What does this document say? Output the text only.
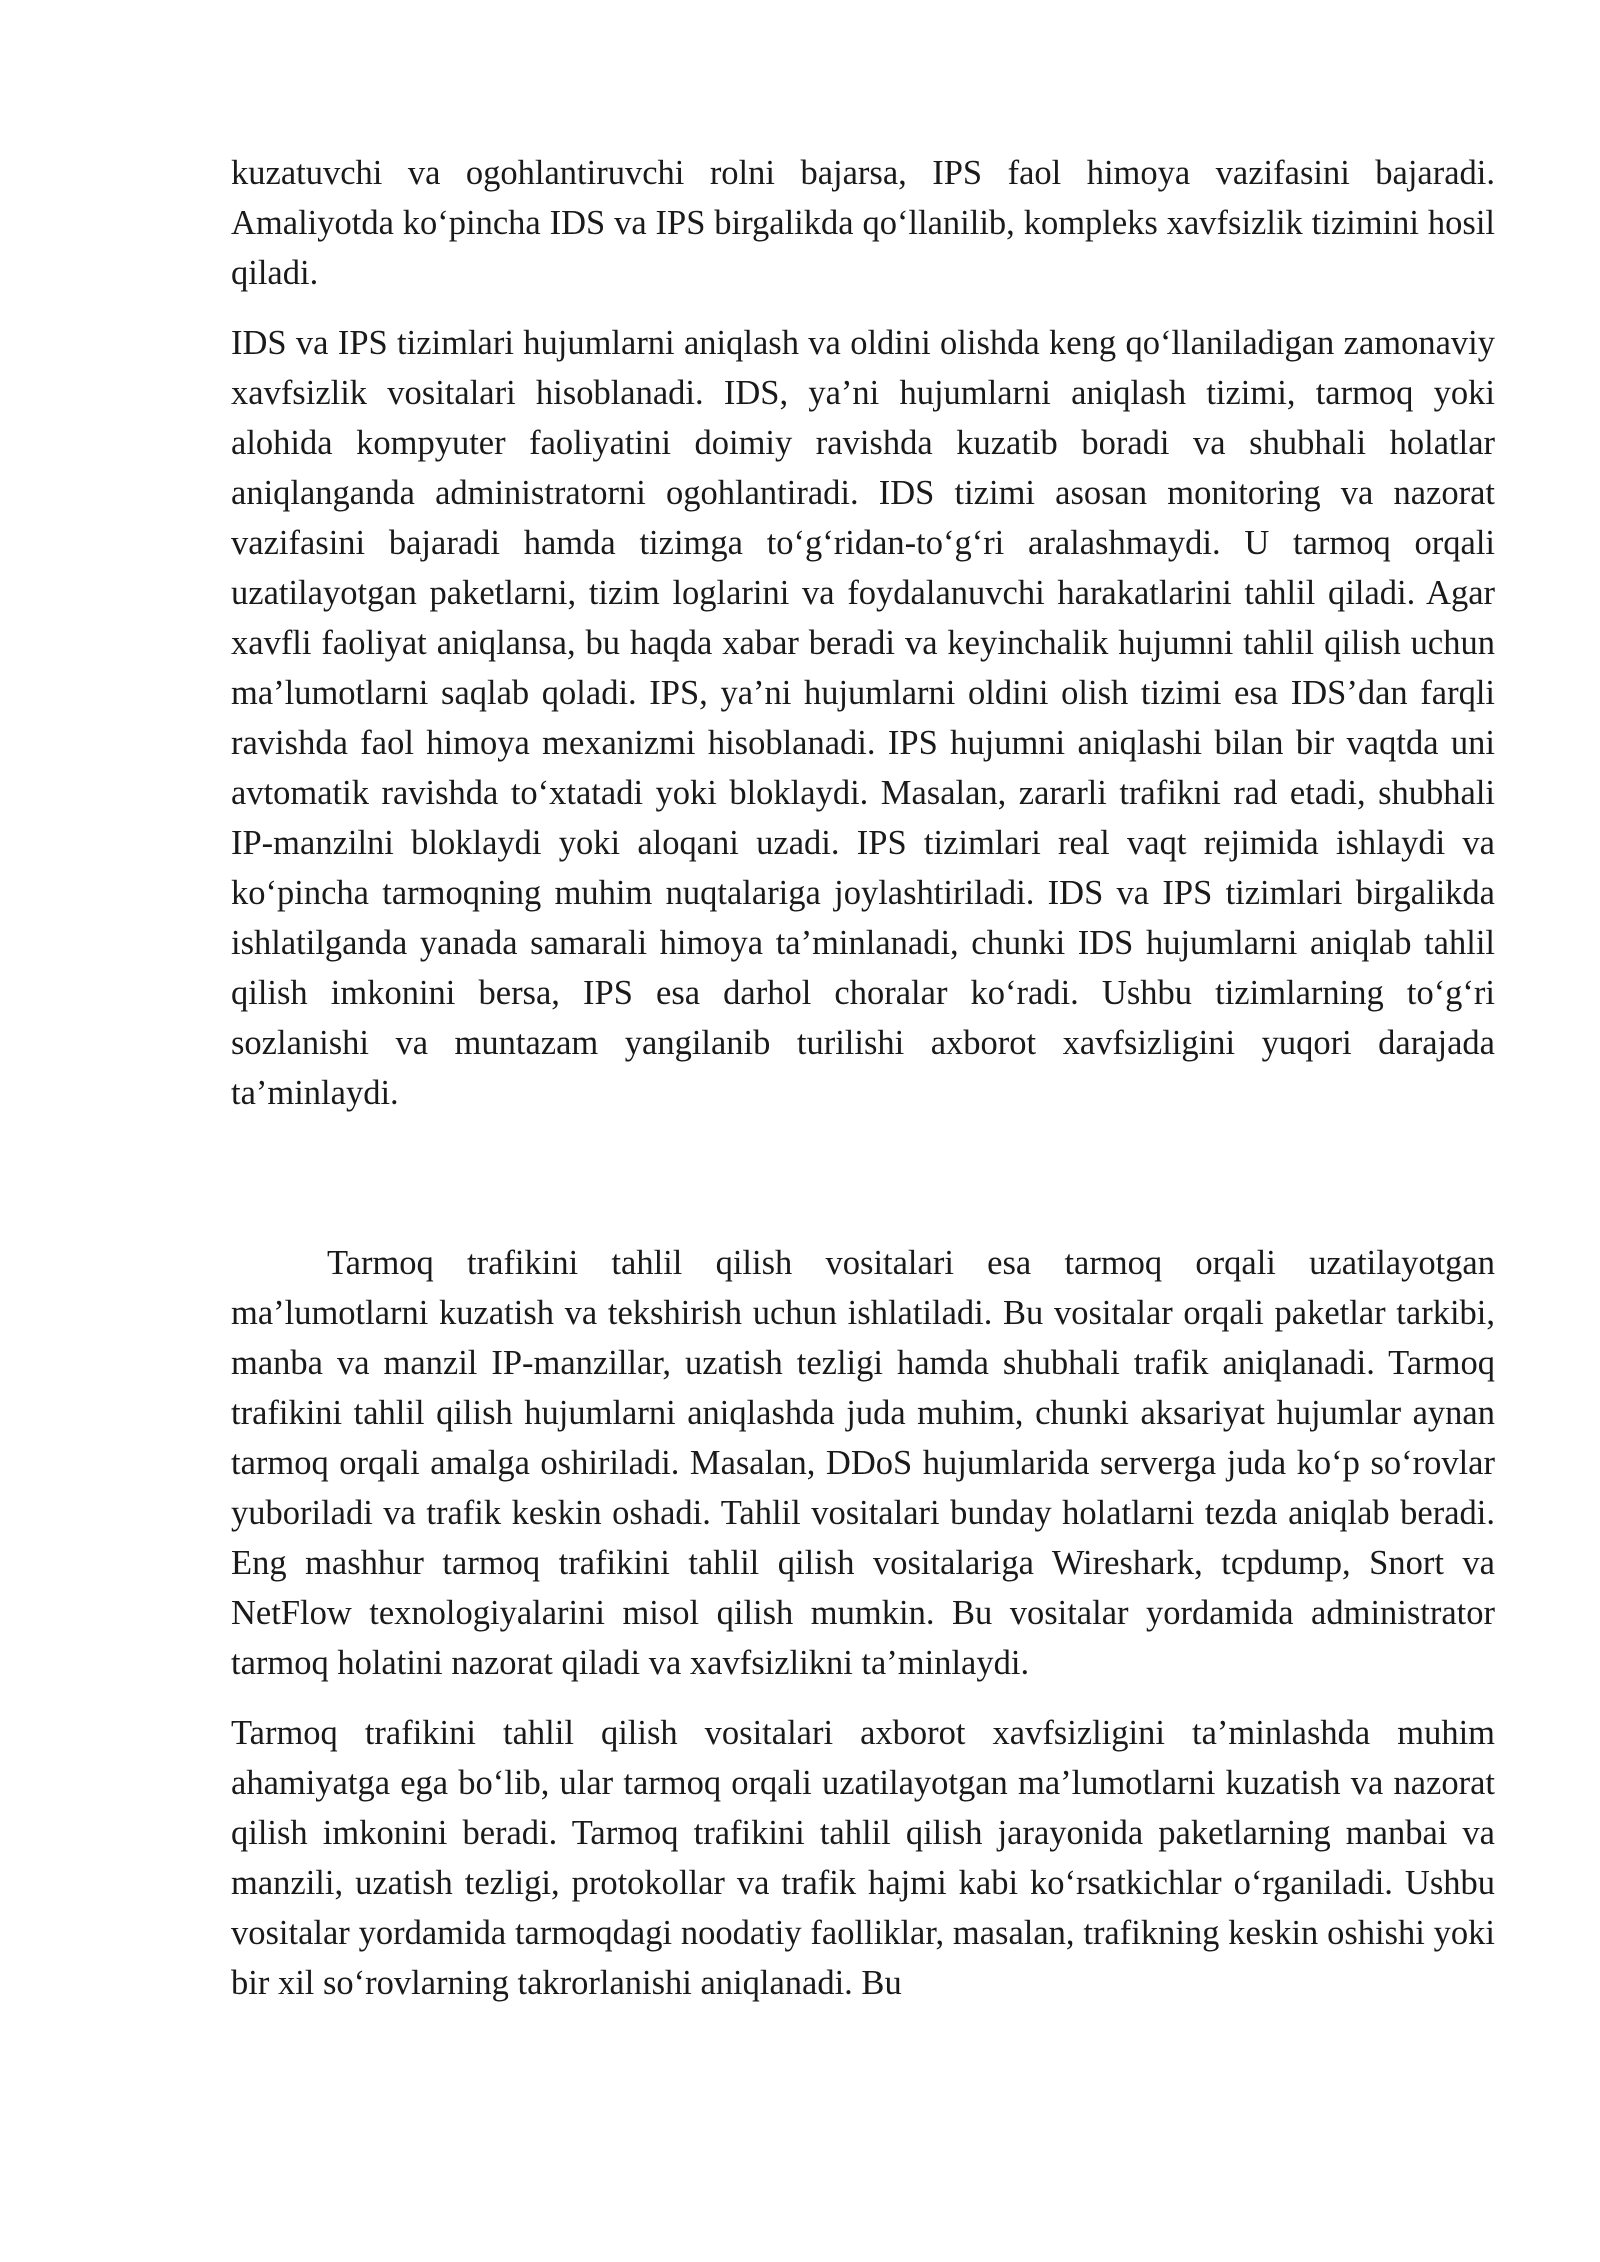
kuzatuvchi va ogohlantiruvchi rolni bajarsa, IPS faol himoya vazifasini bajaradi. Amaliyotda ko‘pincha IDS va IPS birgalikda qo‘llanilib, kompleks xavfsizlik tizimini hosil qiladi.

IDS va IPS tizimlari hujumlarni aniqlash va oldini olishda keng qo‘llaniladigan zamonaviy xavfsizlik vositalari hisoblanadi. IDS, ya’ni hujumlarni aniqlash tizimi, tarmoq yoki alohida kompyuter faoliyatini doimiy ravishda kuzatib boradi va shubhali holatlar aniqlanganda administratorni ogohlantiradi. IDS tizimi asosan monitoring va nazorat vazifasini bajaradi hamda tizimga to‘g‘ridan-to‘g‘ri aralashmaydi. U tarmoq orqali uzatilayotgan paketlarni, tizim loglarini va foydalanuvchi harakatlarini tahlil qiladi. Agar xavfli faoliyat aniqlansa, bu haqda xabar beradi va keyinchalik hujumni tahlil qilish uchun ma’lumotlarni saqlab qoladi. IPS, ya’ni hujumlarni oldini olish tizimi esa IDS’dan farqli ravishda faol himoya mexanizmi hisoblanadi. IPS hujumni aniqlashi bilan bir vaqtda uni avtomatik ravishda to‘xtatadi yoki bloklaydi. Masalan, zararli trafikni rad etadi, shubhali IP-manzilni bloklaydi yoki aloqani uzadi. IPS tizimlari real vaqt rejimida ishlaydi va ko‘pincha tarmoqning muhim nuqtalariga joylashtiriladi. IDS va IPS tizimlari birgalikda ishlatilganda yanada samarali himoya ta’minlanadi, chunki IDS hujumlarni aniqlab tahlil qilish imkonini bersa, IPS esa darhol choralar ko‘radi. Ushbu tizimlarning to‘g‘ri sozlanishi va muntazam yangilanib turilishi axborot xavfsizligini yuqori darajada ta’minlaydi.

Tarmoq trafikini tahlil qilish vositalari esa tarmoq orqali uzatilayotgan ma’lumotlarni kuzatish va tekshirish uchun ishlatiladi. Bu vositalar orqali paketlar tarkibi, manba va manzil IP-manzillar, uzatish tezligi hamda shubhali trafik aniqlanadi. Tarmoq trafikini tahlil qilish hujumlarni aniqlashda juda muhim, chunki aksariyat hujumlar aynan tarmoq orqali amalga oshiriladi. Masalan, DDoS hujumlarida serverga juda ko‘p so‘rovlar yuboriladi va trafik keskin oshadi. Tahlil vositalari bunday holatlarni tezda aniqlab beradi. Eng mashhur tarmoq trafikini tahlil qilish vositalariga Wireshark, tcpdump, Snort va NetFlow texnologiyalarini misol qilish mumkin. Bu vositalar yordamida administrator tarmoq holatini nazorat qiladi va xavfsizlikni ta’minlaydi.

Tarmoq trafikini tahlil qilish vositalari axborot xavfsizligini ta’minlashda muhim ahamiyatga ega bo‘lib, ular tarmoq orqali uzatilayotgan ma’lumotlarni kuzatish va nazorat qilish imkonini beradi. Tarmoq trafikini tahlil qilish jarayonida paketlarning manbai va manzili, uzatish tezligi, protokollar va trafik hajmi kabi ko‘rsatkichlar o‘rganiladi. Ushbu vositalar yordamida tarmoqdagi noodatiy faolliklar, masalan, trafikning keskin oshishi yoki bir xil so‘rovlarning takrorlanishi aniqlanadi. Bu
